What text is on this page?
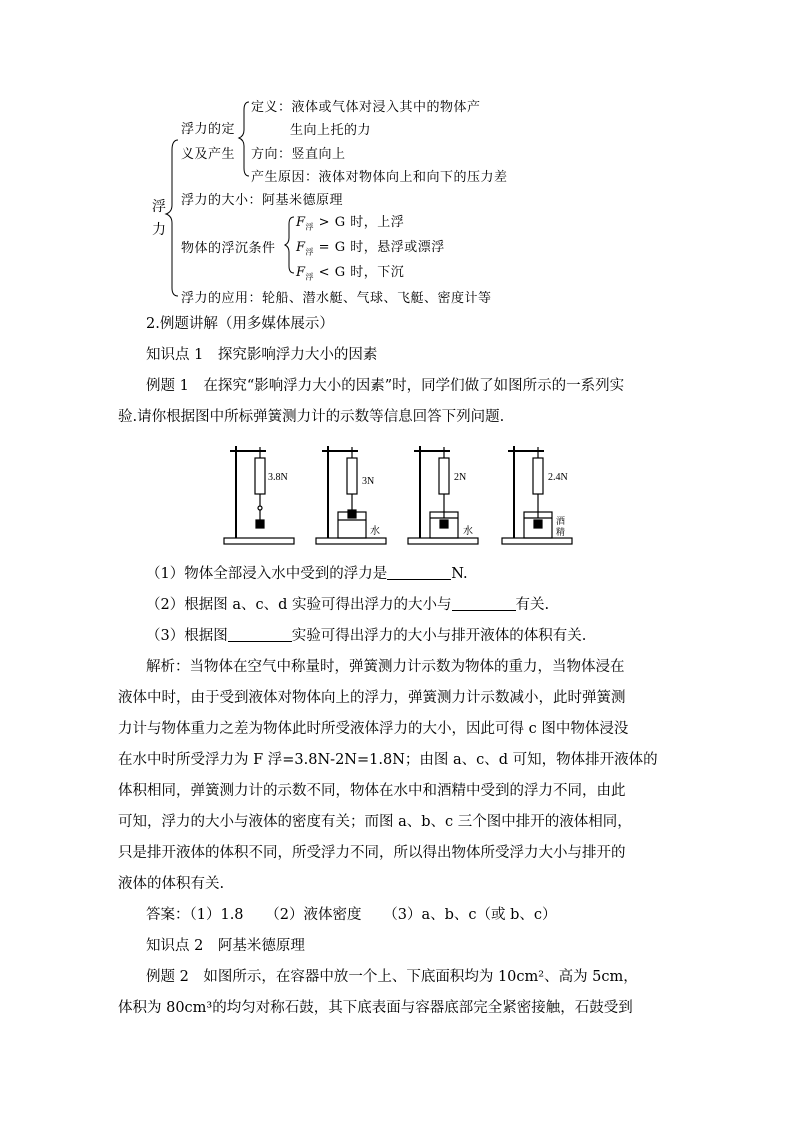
浮
力
浮力的定
义及产生
定义：液体或气体对浸入其中的物体产
生向上托的力
方向：竖直向上
产生原因：液体对物体向上和向下的压力差
浮力的大小：阿基米德原理
物体的浮沉条件
$F_浮 > G$ 时，上浮
$F_浮 = G$ 时，悬浮或漂浮
$F_浮 < G$ 时，下沉
浮力的应用：轮船、潜水艇、气球、飞艇、密度计等
2.例题讲解（用多媒体展示）
知识点 1　探究影响浮力大小的因素
例题 1　在探究“影响浮力大小的因素”时，同学们做了如图所示的一系列实
验.请你根据图中所标弹簧测力计的示数等信息回答下列问题.
3.8N	3N	2N	2.4N
水	水
酒
精
（1）物体全部浸入水中受到的浮力是	N.
（2）根据图 a、c、d 实验可得出浮力的大小与	有关.
（3）根据图	实验可得出浮力的大小与排开液体的体积有关.
解析：当物体在空气中称量时，弹簧测力计示数为物体的重力，当物体浸在
液体中时，由于受到液体对物体向上的浮力，弹簧测力计示数减小，此时弹簧测
力计与物体重力之差为物体此时所受液体浮力的大小，因此可得 c 图中物体浸没
在水中时所受浮力为 F 浮=3.8N-2N=1.8N；由图 a、c、d 可知，物体排开液体的
体积相同，弹簧测力计的示数不同，物体在水中和酒精中受到的浮力不同，由此
可知，浮力的大小与液体的密度有关；而图 a、b、c 三个图中排开的液体相同，
只是排开液体的体积不同，所受浮力不同，所以得出物体所受浮力大小与排开的
液体的体积有关.
答案：（1）1.8　　（2）液体密度　　（3）a、b、c（或 b、c）
知识点 2　阿基米德原理
例题 2　如图所示，在容器中放一个上、下底面积均为 10cm²、高为 5cm，
体积为 80cm³的均匀对称石鼓，其下底表面与容器底部完全紧密接触，石鼓受到
